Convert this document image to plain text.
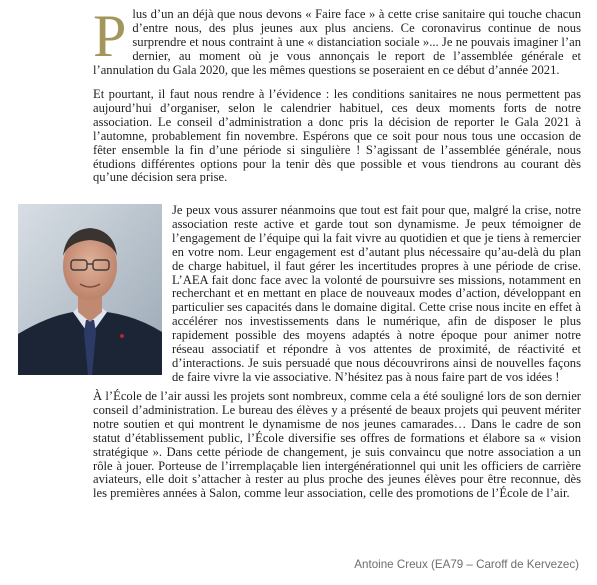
Plus d’un an déjà que nous devons « Faire face » à cette crise sanitaire qui touche chacun d’entre nous, des plus jeunes aux plus anciens. Ce coronavirus continue de nous surprendre et nous contraint à une « distanciation sociale »... Je ne pouvais imaginer l’an dernier, au moment où je vous annonçais le report de l’assemblée générale et l’annulation du Gala 2020, que les mêmes questions se poseraient en ce début d’année 2021.

Et pourtant, il faut nous rendre à l’évidence : les conditions sanitaires ne nous permettent pas aujourd’hui d’organiser, selon le calendrier habituel, ces deux moments forts de notre association. Le conseil d’administration a donc pris la décision de reporter le Gala 2021 à l’automne, probablement fin novembre. Espérons que ce soit pour nous tous une occasion de fêter ensemble la fin d’une période si singulière ! S’agissant de l’assemblée générale, nous étudions différentes options pour la tenir dès que possible et vous tiendrons au courant dès qu’une décision sera prise.

Je peux vous assurer néanmoins que tout est fait pour que, malgré la crise, notre association reste active et garde tout son dynamisme. Je peux témoigner de l’engagement de l’équipe qui la fait vivre au quotidien et que je tiens à remercier en votre nom. Leur engagement est d’autant plus nécessaire qu’au-delà du plan de charge habituel, il faut gérer les incertitudes propres à une période de crise. L’AEA fait donc face avec la volonté de poursuivre ses missions, notamment en recherchant et en mettant en place de nouveaux modes d’action, développant en particulier ses capacités dans le domaine digital. Cette crise nous incite en effet à accélérer nos investissements dans le numérique, afin de disposer le plus rapidement possible des moyens adaptés à notre époque pour animer notre réseau associatif et répondre à vos attentes de proximité, de réactivité et d’interactions. Je suis persuadé que nous découvrirons ainsi de nouvelles façons de faire vivre la vie associative. N’hésitez pas à nous faire part de vos idées !

À l’École de l’air aussi les projets sont nombreux, comme cela a été souligné lors de son dernier conseil d’administration. Le bureau des élèves y a présenté de beaux projets qui peuvent mériter notre soutien et qui montrent le dynamisme de nos jeunes camarades… Dans le cadre de son statut d’établissement public, l’École diversifie ses offres de formations et élabore sa « vision stratégique ». Dans cette période de changement, je suis convaincu que notre association a un rôle à jouer. Porteuse de l’irremplaçable lien intergénérationnel qui unit les officiers de carrière aviateurs, elle doit s’attacher à rester au plus proche des jeunes élèves pour être reconnue, dès les premières années à Salon, comme leur association, celle des promotions de l’École de l’air.

Antoine Creux (EA79 – Caroff de Kervezec)
